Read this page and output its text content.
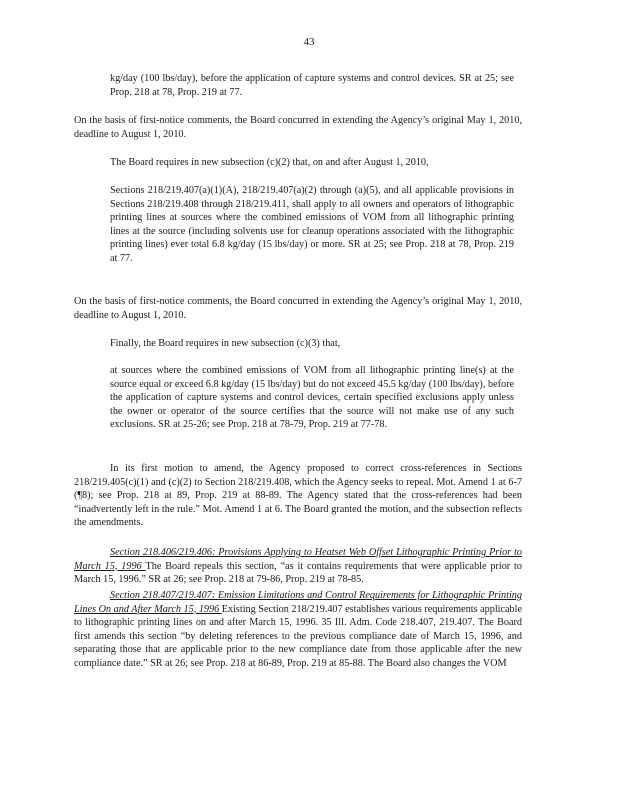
43
kg/day (100 lbs/day), before the application of capture systems and control devices. SR at 25; see Prop. 218 at 78, Prop. 219 at 77.
On the basis of first-notice comments, the Board concurred in extending the Agency’s original May 1, 2010, deadline to August 1, 2010.
The Board requires in new subsection (c)(2) that, on and after August 1, 2010,
Sections 218/219.407(a)(1)(A), 218/219.407(a)(2) through (a)(5), and all applicable provisions in Sections 218/219.408 through 218/219.411, shall apply to all owners and operators of lithographic printing lines at sources where the combined emissions of VOM from all lithographic printing lines at the source (including solvents use for cleanup operations associated with the lithographic printing lines) ever total 6.8 kg/day (15 lbs/day) or more. SR at 25; see Prop. 218 at 78, Prop. 219 at 77.
On the basis of first-notice comments, the Board concurred in extending the Agency’s original May 1, 2010, deadline to August 1, 2010.
Finally, the Board requires in new subsection (c)(3) that,
at sources where the combined emissions of VOM from all lithographic printing line(s) at the source equal or exceed 6.8 kg/day (15 lbs/day) but do not exceed 45.5 kg/day (100 lbs/day), before the application of capture systems and control devices, certain specified exclusions apply unless the owner or operator of the source certifies that the source will not make use of any such exclusions. SR at 25-26; see Prop. 218 at 78-79, Prop. 219 at 77-78.
In its first motion to amend, the Agency proposed to correct cross-references in Sections 218/219.405(c)(1) and (c)(2) to Section 218/219.408, which the Agency seeks to repeal. Mot. Amend 1 at 6-7 (¶8); see Prop. 218 at 89, Prop. 219 at 88-89. The Agency stated that the cross-references had been “inadvertently left in the rule.” Mot. Amend 1 at 6. The Board granted the motion, and the subsection reflects the amendments.
Section 218.406/219.406: Provisions Applying to Heatset Web Offset Lithographic Printing Prior to March 15, 1996 The Board repeals this section, “as it contains requirements that were applicable prior to March 15, 1996.” SR at 26; see Prop. 218 at 79-86, Prop. 219 at 78-85.
Section 218.407/219.407: Emission Limitations and Control Requirements for Lithographic Printing Lines On and After March 15, 1996 Existing Section 218/219.407 establishes various requirements applicable to lithographic printing lines on and after March 15, 1996. 35 Ill. Adm. Code 218.407, 219.407. The Board first amends this section “by deleting references to the previous compliance date of March 15, 1996, and separating those that are applicable prior to the new compliance date from those applicable after the new compliance date.” SR at 26; see Prop. 218 at 86-89, Prop. 219 at 85-88. The Board also changes the VOM
